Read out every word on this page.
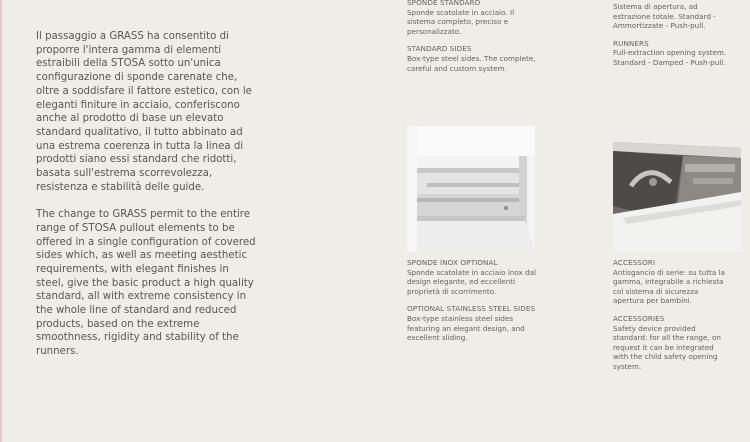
Il passaggio a GRASS ha consentito di proporre l'intera gamma di elementi estraibili della STOSA sotto un'unica configurazione di sponde carenate che, oltre a soddisfare il fattore estetico, con le eleganti finiture in acciaio, conferiscono anche al prodotto di base un elevato standard qualitativo, il tutto abbinato ad una estrema coerenza in tutta la linea di prodotti siano essi standard che ridotti, basata sull'estrema scorrevolezza, resistenza e stabilità delle guide.

The change to GRASS permit to the entire range of STOSA pullout elements to be offered in a single configuration of covered sides which, as well as meeting aesthetic requirements, with elegant finishes in steel, give the basic product a high quality standard, all with extreme consistency in the whole line of standard and reduced products, based on the extreme smoothness, rigidity and stability of the runners.

SPONDE STANDARD

Sponde scatolate in acciaio. Il sistema completo, preciso e personalizzato.

STANDARD SIDES

Box-type steel sides. The complete, careful and custom system.

Sistema di apertura, ad estrazione totale. Standard - Ammortizzate - Push-pull.

RUNNERS

Full-extraction opening system. Standard - Damped - Push-pull.

SPONDE INOX OPTIONAL

Sponde scatolate in acciaio inox dal design elegante, ed eccellenti proprietà di scorrimento.

OPTIONAL STAINLESS STEEL SIDES

Box-type stainless steel sides featuring an elegant design, and excellent sliding.

ACCESSORI

Antisgancio di serie: su tutta la gamma, integrabile a richiesta col sistema di sicurezza apertura per bambini.

ACCESSORIES

Safety device provided standard: for all the range, on request it can be integrated with the child safety opening system.
